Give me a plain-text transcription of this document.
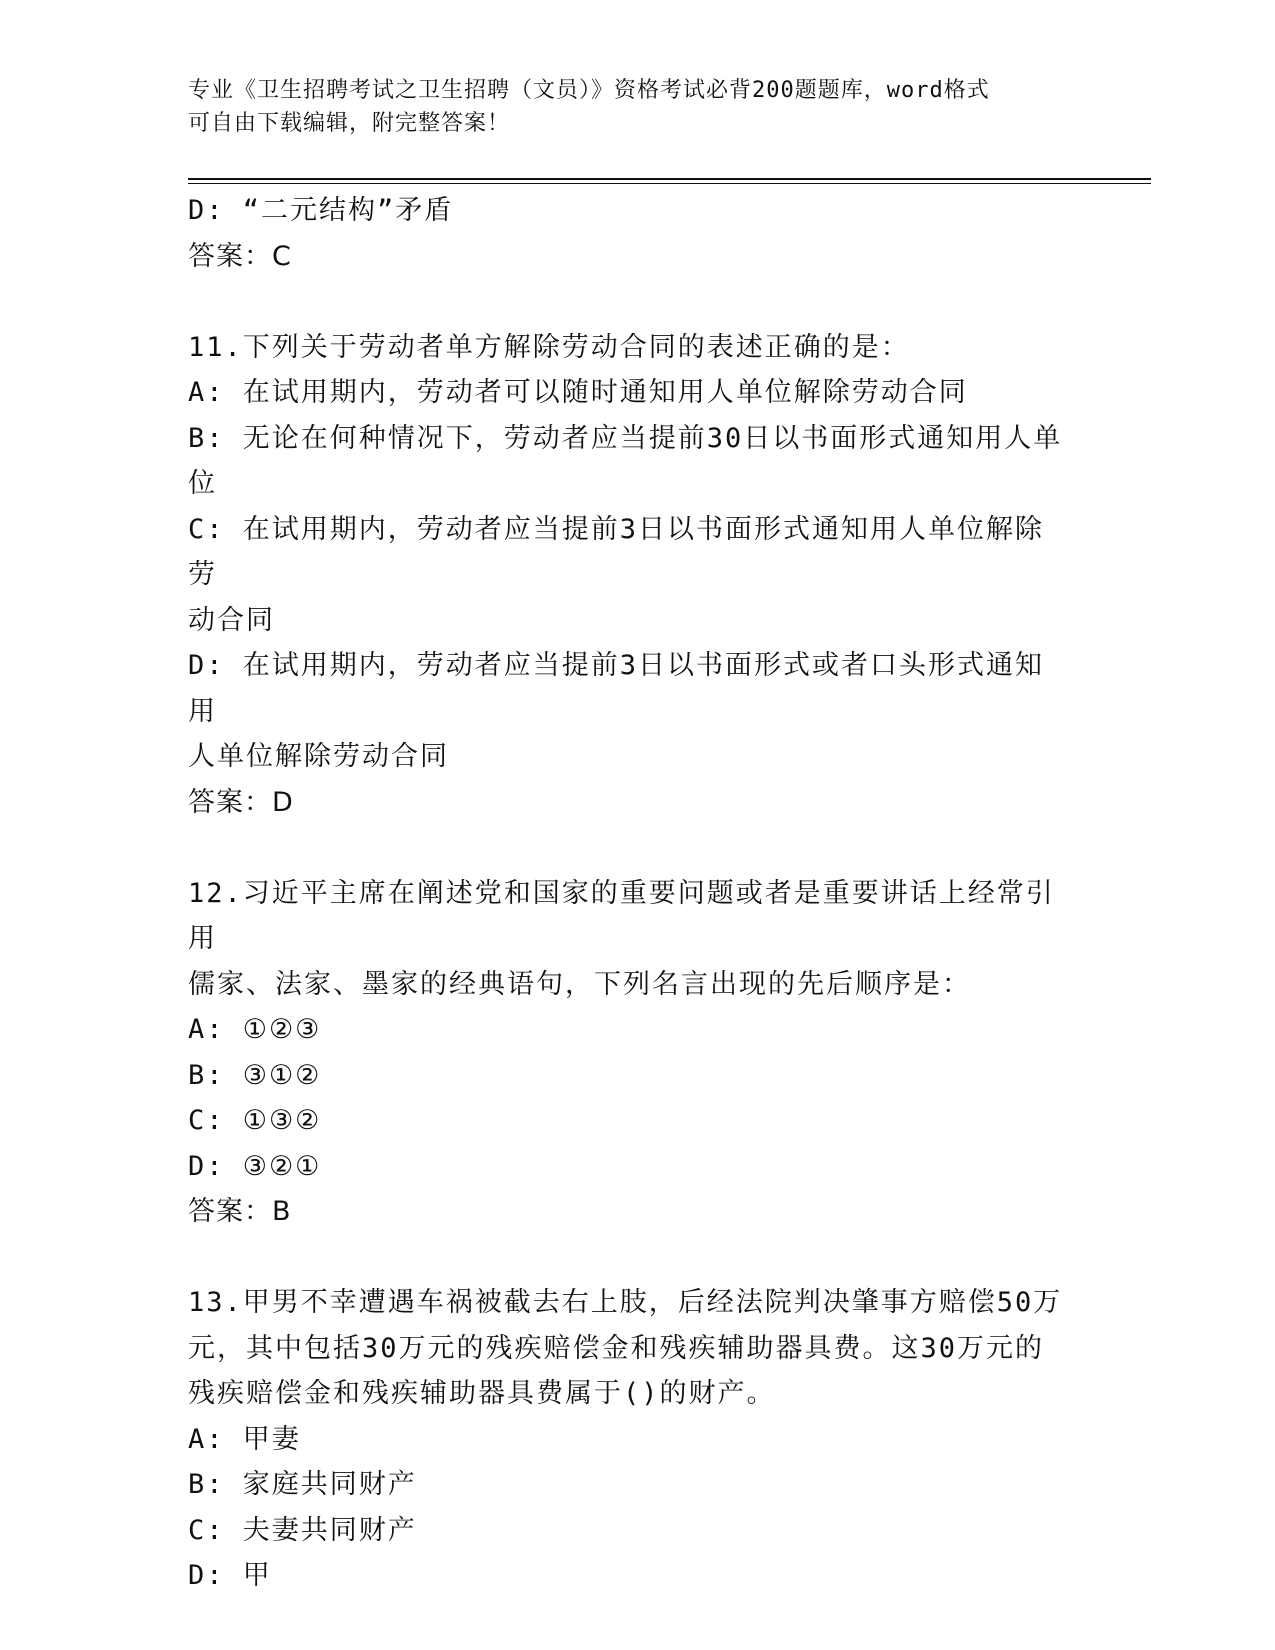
专业《卫生招聘考试之卫生招聘（文员）》资格考试必背200题题库，word格式
可自由下载编辑，附完整答案！
D: “二元结构”矛盾
答案：C
11.下列关于劳动者单方解除劳动合同的表述正确的是：
A: 在试用期内，劳动者可以随时通知用人单位解除劳动合同
B: 无论在何种情况下，劳动者应当提前30日以书面形式通知用人单
位
C: 在试用期内，劳动者应当提前3日以书面形式通知用人单位解除劳
动合同
D: 在试用期内，劳动者应当提前3日以书面形式或者口头形式通知用
人单位解除劳动合同
答案：D
12.习近平主席在阐述党和国家的重要问题或者是重要讲话上经常引用
儒家、法家、墨家的经典语句，下列名言出现的先后顺序是：
A: ①②③
B: ③①②
C: ①③②
D: ③②①
答案：B
13.甲男不幸遭遇车祸被截去右上肢，后经法院判决肇事方赔偿50万
元，其中包括30万元的残疾赔偿金和残疾辅助器具费。这30万元的
残疾赔偿金和残疾辅助器具费属于()的财产。
A: 甲妻
B: 家庭共同财产
C: 夫妻共同财产
D: 甲
